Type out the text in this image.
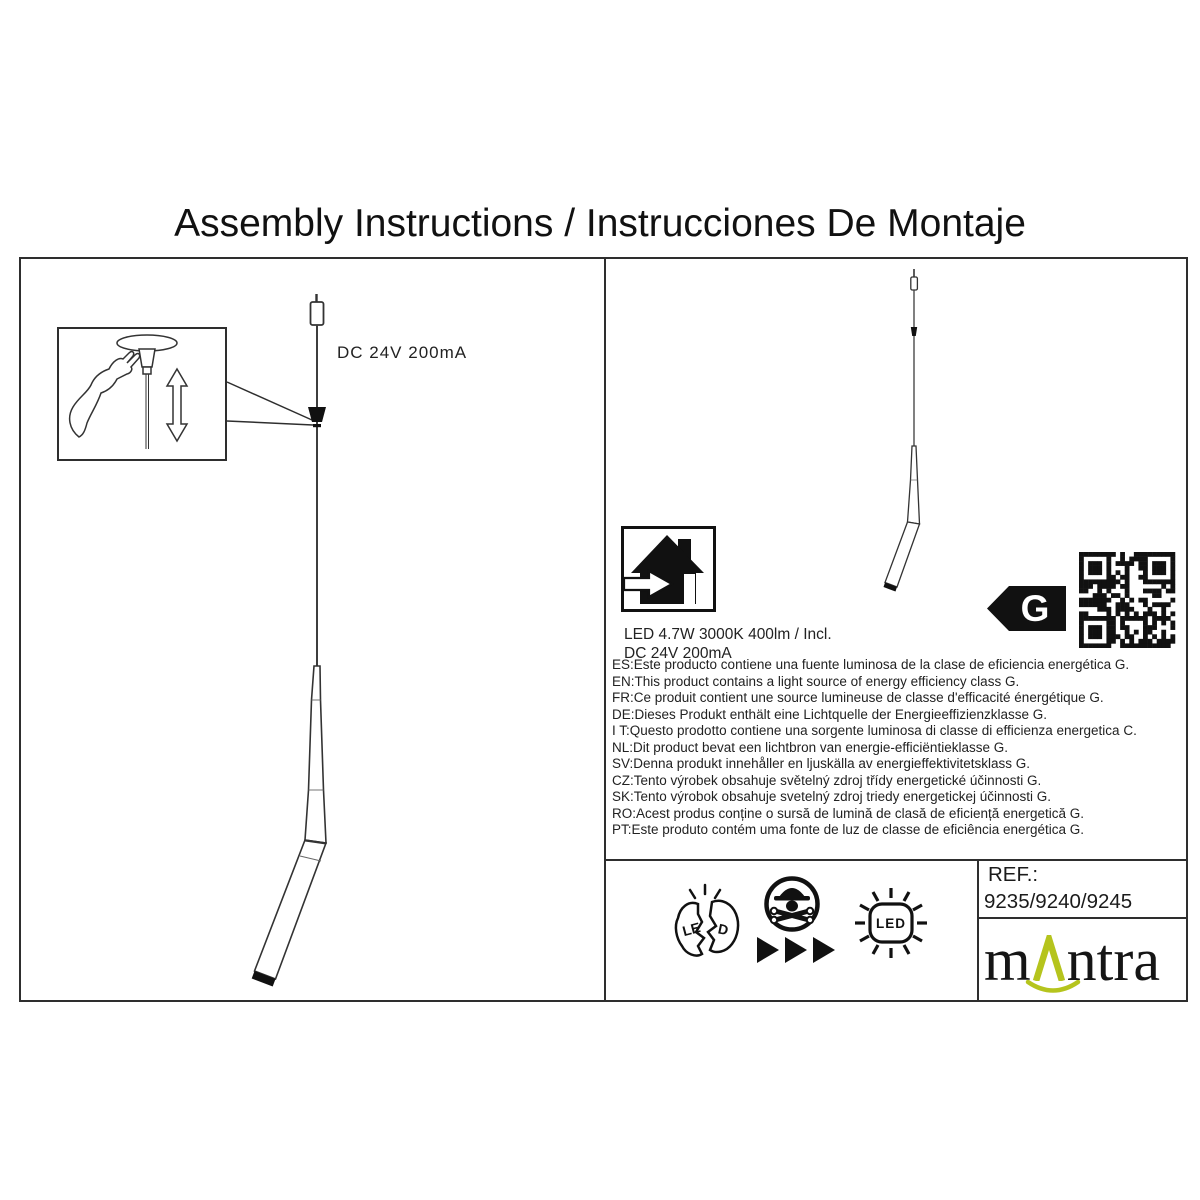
Assembly Instructions / Instrucciones De Montaje
DC 24V 200mA
LED 4.7W 3000K 400lm / Incl.
DC 24V 200mA
G
ES:Este producto contiene una fuente luminosa de la clase de eficiencia energética G.
EN:This product contains a light source of energy efficiency class G.
FR:Ce produit contient une source lumineuse de classe d'efficacité énergétique G.
DE:Dieses Produkt enthält eine Lichtquelle der Energieeffizienzklasse G.
I T:Questo prodotto contiene una sorgente luminosa di classe di efficienza energetica C.
NL:Dit product bevat een lichtbron van energie-efficiëntieklasse G.
SV:Denna produkt innehåller en ljuskälla av energieffektivitetsklass G.
CZ:Tento výrobek obsahuje světelný zdroj třídy energetické účinnosti G.
SK:Tento výrobok obsahuje svetelný zdroj triedy energetickej účinnosti G.
RO:Acest produs conține o sursă de lumină de clasă de eficiență energetică G.
PT:Este produto contém uma fonte de luz de classe de eficiência energética G.
LE D	LED
REF.:
9235/9240/9245
m ntra
